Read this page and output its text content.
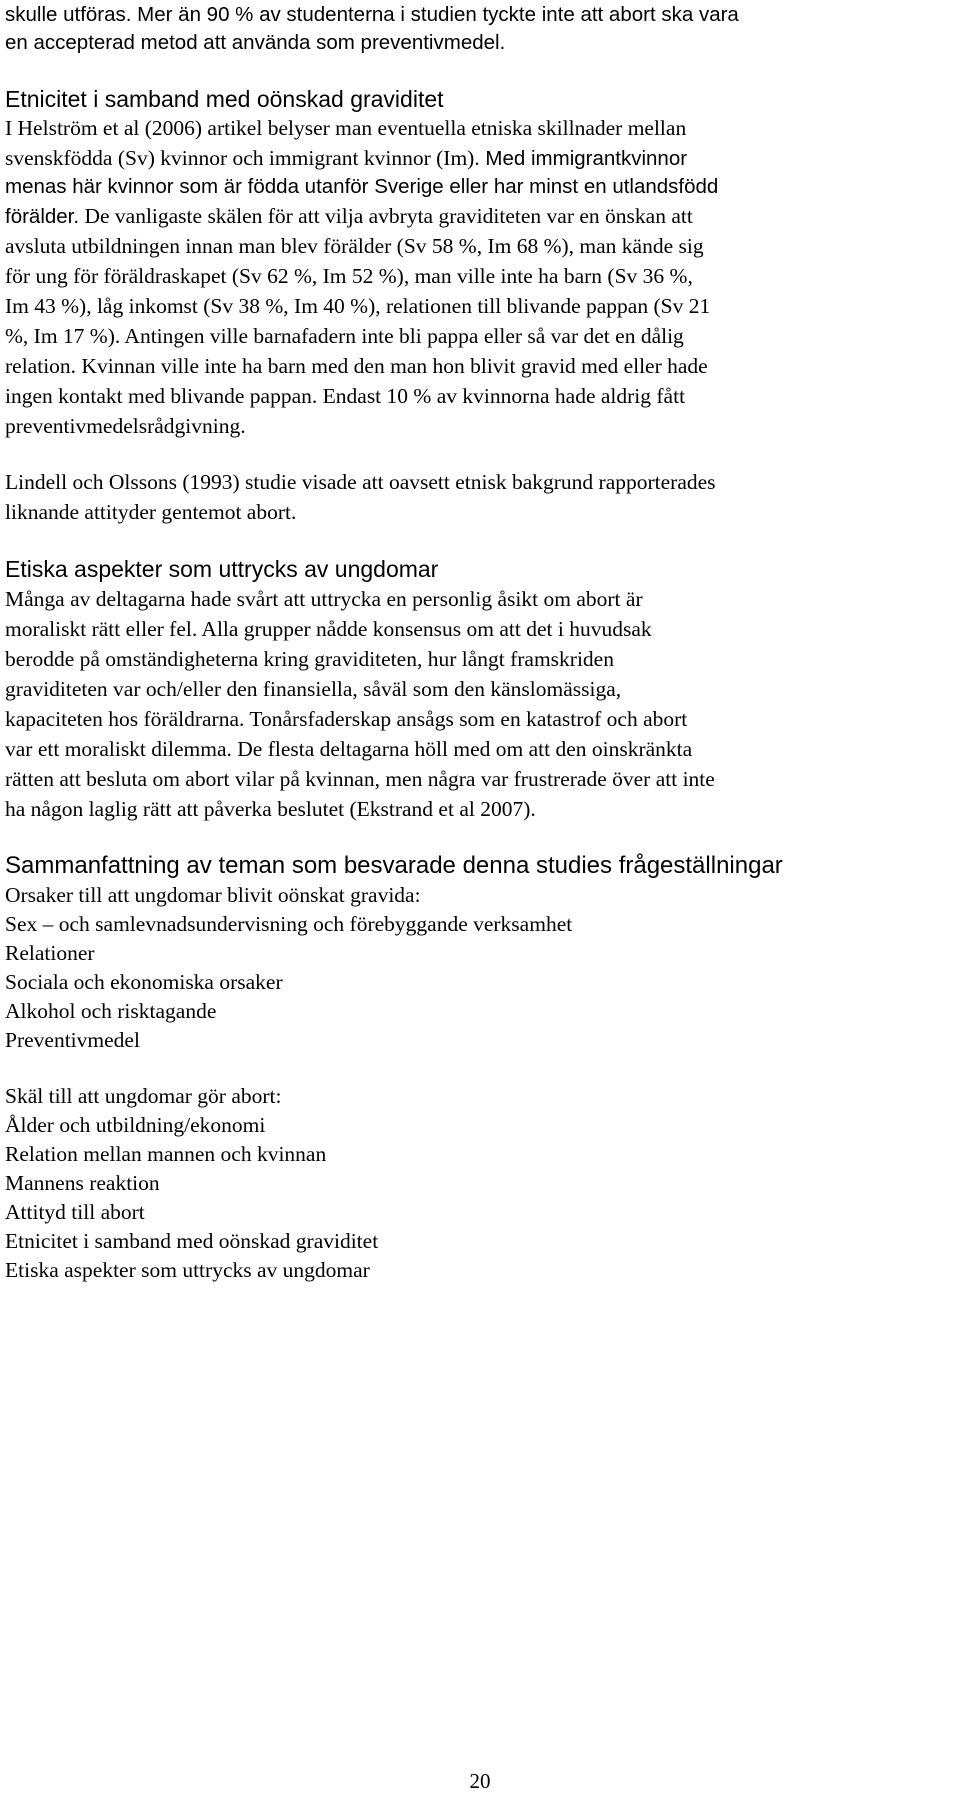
skulle utföras. Mer än 90 % av studenterna i studien tyckte inte att abort ska vara
en accepterad metod att använda som preventivmedel.
Etnicitet i samband med oönskad graviditet
I Helström et al (2006) artikel belyser man eventuella etniska skillnader mellan
svenskfödda (Sv) kvinnor och immigrant kvinnor (Im). Med immigrantkvinnor
menas här kvinnor som är födda utanför Sverige eller har minst en utlandsfödd
förälder. De vanligaste skälen för att vilja avbryta graviditeten var en önskan att
avsluta utbildningen innan man blev förälder (Sv 58 %, Im 68 %), man kände sig
för ung för föräldraskapet (Sv 62 %, Im 52 %), man ville inte ha barn (Sv 36 %,
Im 43 %), låg inkomst (Sv 38 %, Im 40 %), relationen till blivande pappan (Sv 21
%, Im 17 %). Antingen ville barnafadern inte bli pappa eller så var det en dålig
relation. Kvinnan ville inte ha barn med den man hon blivit gravid med eller hade
ingen kontakt med blivande pappan. Endast 10 % av kvinnorna hade aldrig fått
preventivmedelsrådgivning.
Lindell och Olssons (1993) studie visade att oavsett etnisk bakgrund rapporterades
liknande attityder gentemot abort.
Etiska aspekter som uttrycks av ungdomar
Många av deltagarna hade svårt att uttrycka en personlig åsikt om abort är
moraliskt rätt eller fel. Alla grupper nådde konsensus om att det i huvudsak
berodde på omständigheterna kring graviditeten, hur långt framskriden
graviditeten var och/eller den finansiella, såväl som den känslomässiga,
kapaciteten hos föräldrarna. Tonårsfaderskap ansågs som en katastrof och abort
var ett moraliskt dilemma. De flesta deltagarna höll med om att den oinskränkta
rätten att besluta om abort vilar på kvinnan, men några var frustrerade över att inte
ha någon laglig rätt att påverka beslutet (Ekstrand et al 2007).
Sammanfattning av teman som besvarade denna studies frågeställningar
Orsaker till att ungdomar blivit oönskat gravida:
Sex – och samlevnadsundervisning och förebyggande verksamhet
Relationer
Sociala och ekonomiska orsaker
Alkohol och risktagande
Preventivmedel
Skäl till att ungdomar gör abort:
Ålder och utbildning/ekonomi
Relation mellan mannen och kvinnan
Mannens reaktion
Attityd till abort
Etnicitet i samband med oönskad graviditet
Etiska aspekter som uttrycks av ungdomar
20
